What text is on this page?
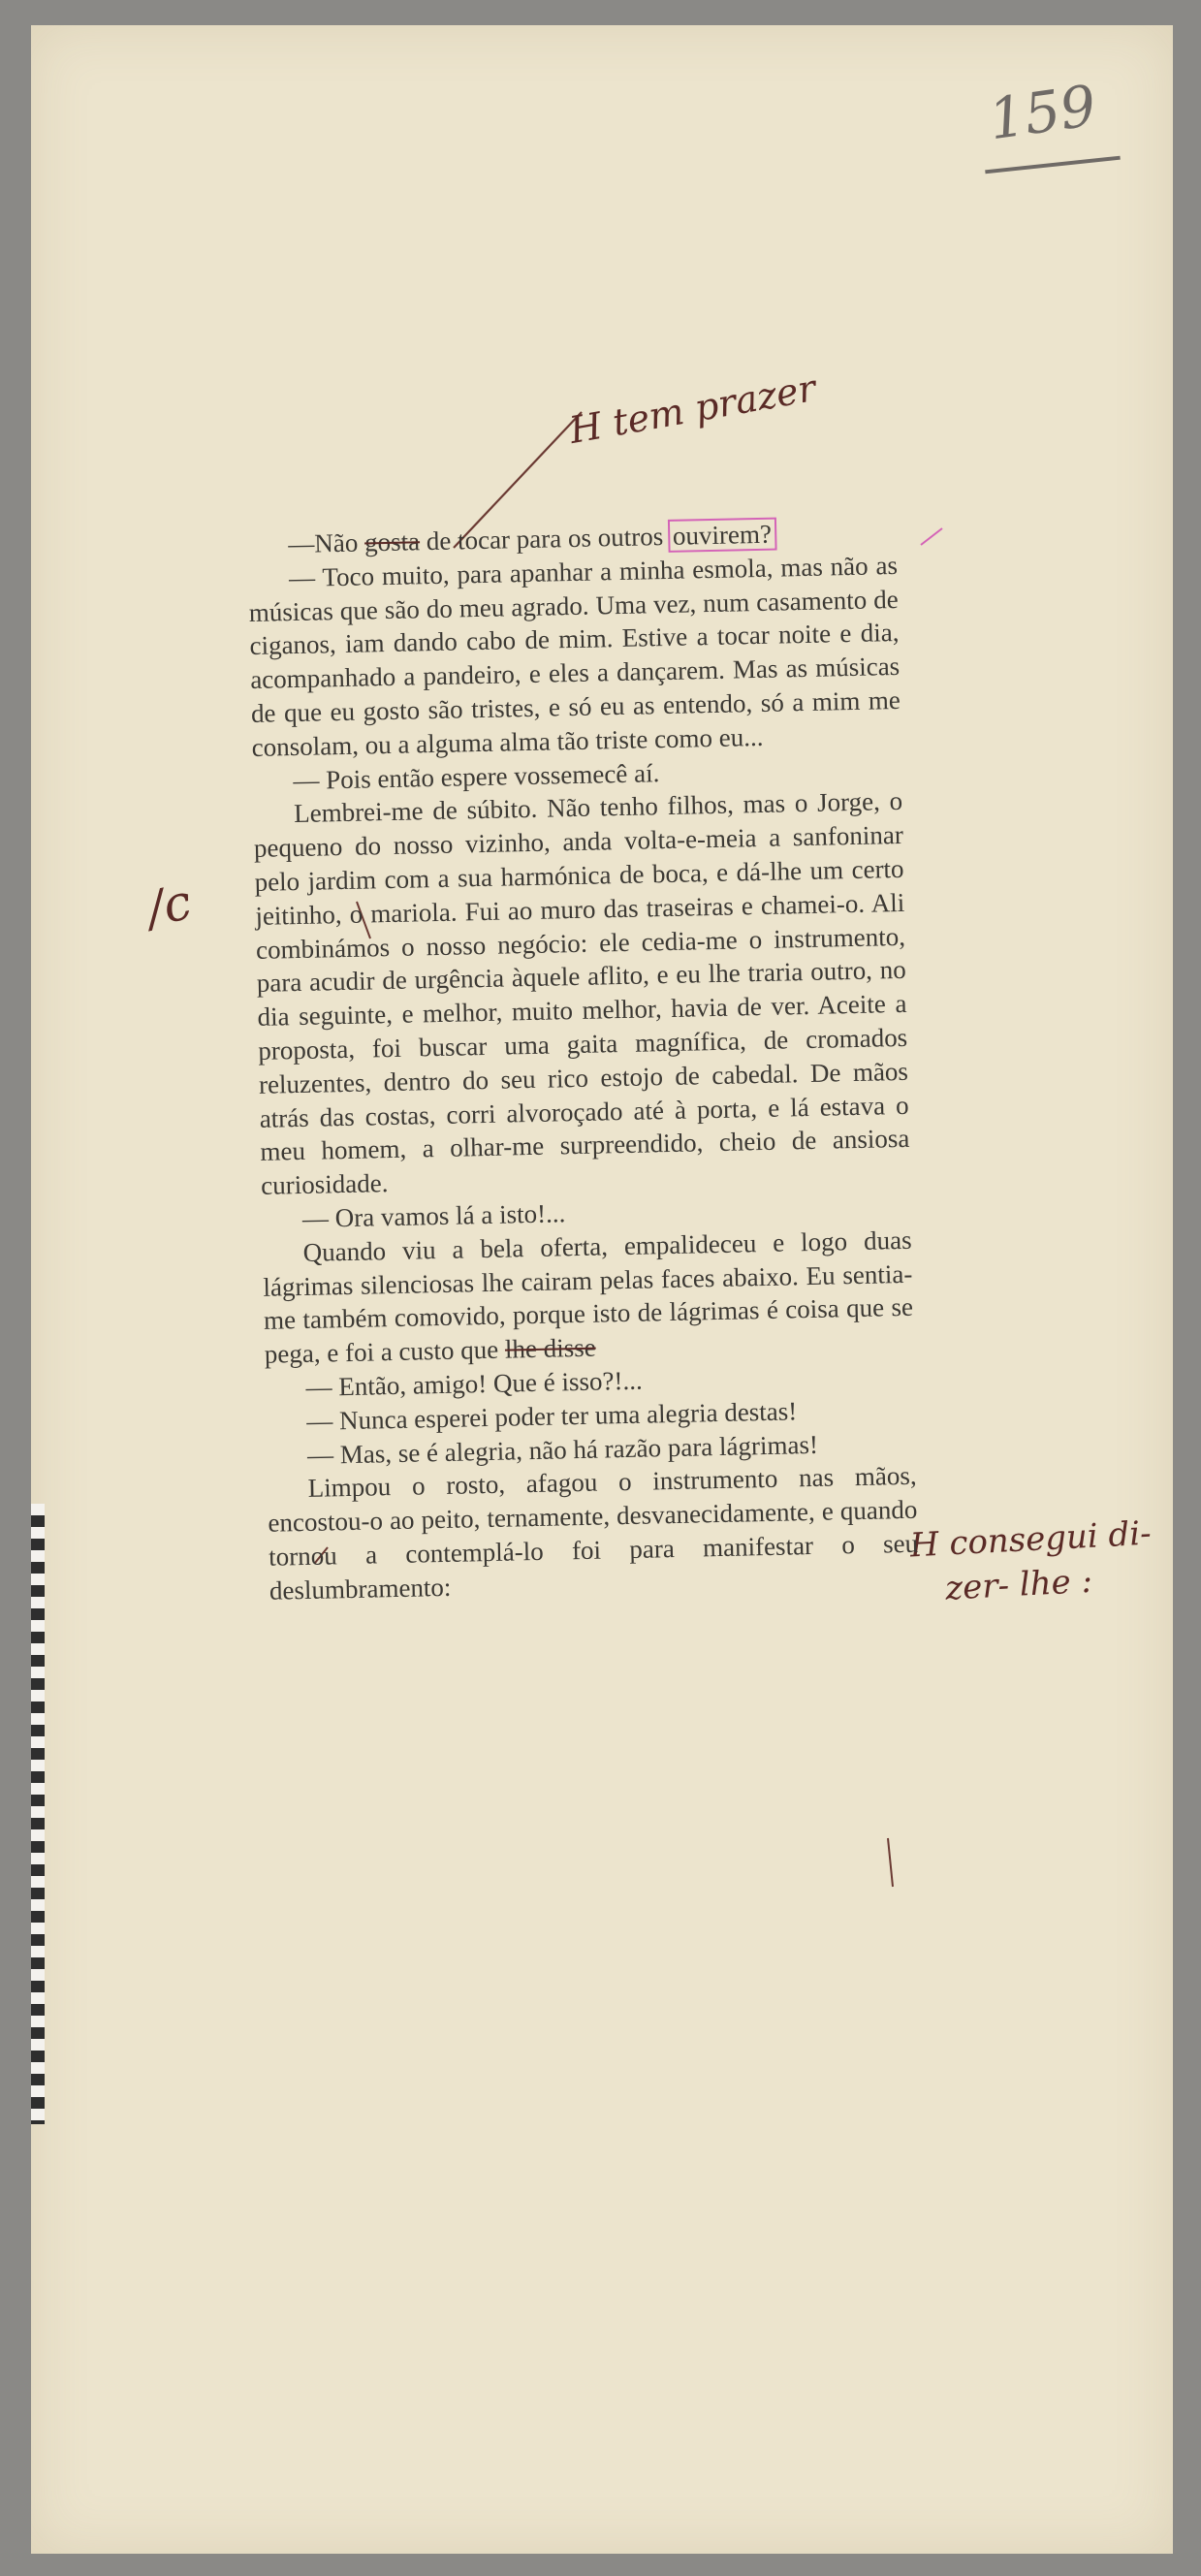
159
H tem prazer
/c
H consegui di-
zer- lhe :

—Não gosta de tocar para os outros ouvirem?

— Toco muito, para apanhar a minha esmola, mas não as músicas que são do meu agrado. Uma vez, num casamento de ciganos, iam dando cabo de mim. Estive a tocar noite e dia, acompanhado a pandeiro, e eles a dançarem. Mas as músicas de que eu gosto são tristes, e só eu as entendo, só a mim me consolam, ou a alguma alma tão triste como eu...

— Pois então espere vossemecê aí.

Lembrei-me de súbito. Não tenho filhos, mas o Jorge, o pequeno do nosso vizinho, anda volta-e-meia a sanfoninar pelo jardim com a sua harmónica de boca, e dá-lhe um certo jeitinho, o mariola. Fui ao muro das traseiras e chamei-o. Ali combinámos o nosso negócio: ele cedia-me o instrumento, para acudir de urgência àquele aflito, e eu lhe traria outro, no dia seguinte, e melhor, muito melhor, havia de ver. Aceite a proposta, foi buscar uma gaita magnífica, de cromados reluzentes, dentro do seu rico estojo de cabedal. De mãos atrás das costas, corri alvoroçado até à porta, e lá estava o meu homem, a olhar-me surpreendido, cheio de ansiosa curiosidade.

— Ora vamos lá a isto!...

Quando viu a bela oferta, empalideceu e logo duas lágrimas silenciosas lhe cairam pelas faces abaixo. Eu sentia-me também comovido, porque isto de lágrimas é coisa que se pega, e foi a custo que lhe disse

— Então, amigo! Que é isso?!...

— Nunca esperei poder ter uma alegria destas!

— Mas, se é alegria, não há razão para lágrimas!

Limpou o rosto, afagou o instrumento nas mãos, encostou-o ao peito, ternamente, desvanecidamente, e quando tornou a contemplá-lo foi para manifestar o seu deslumbramento:
